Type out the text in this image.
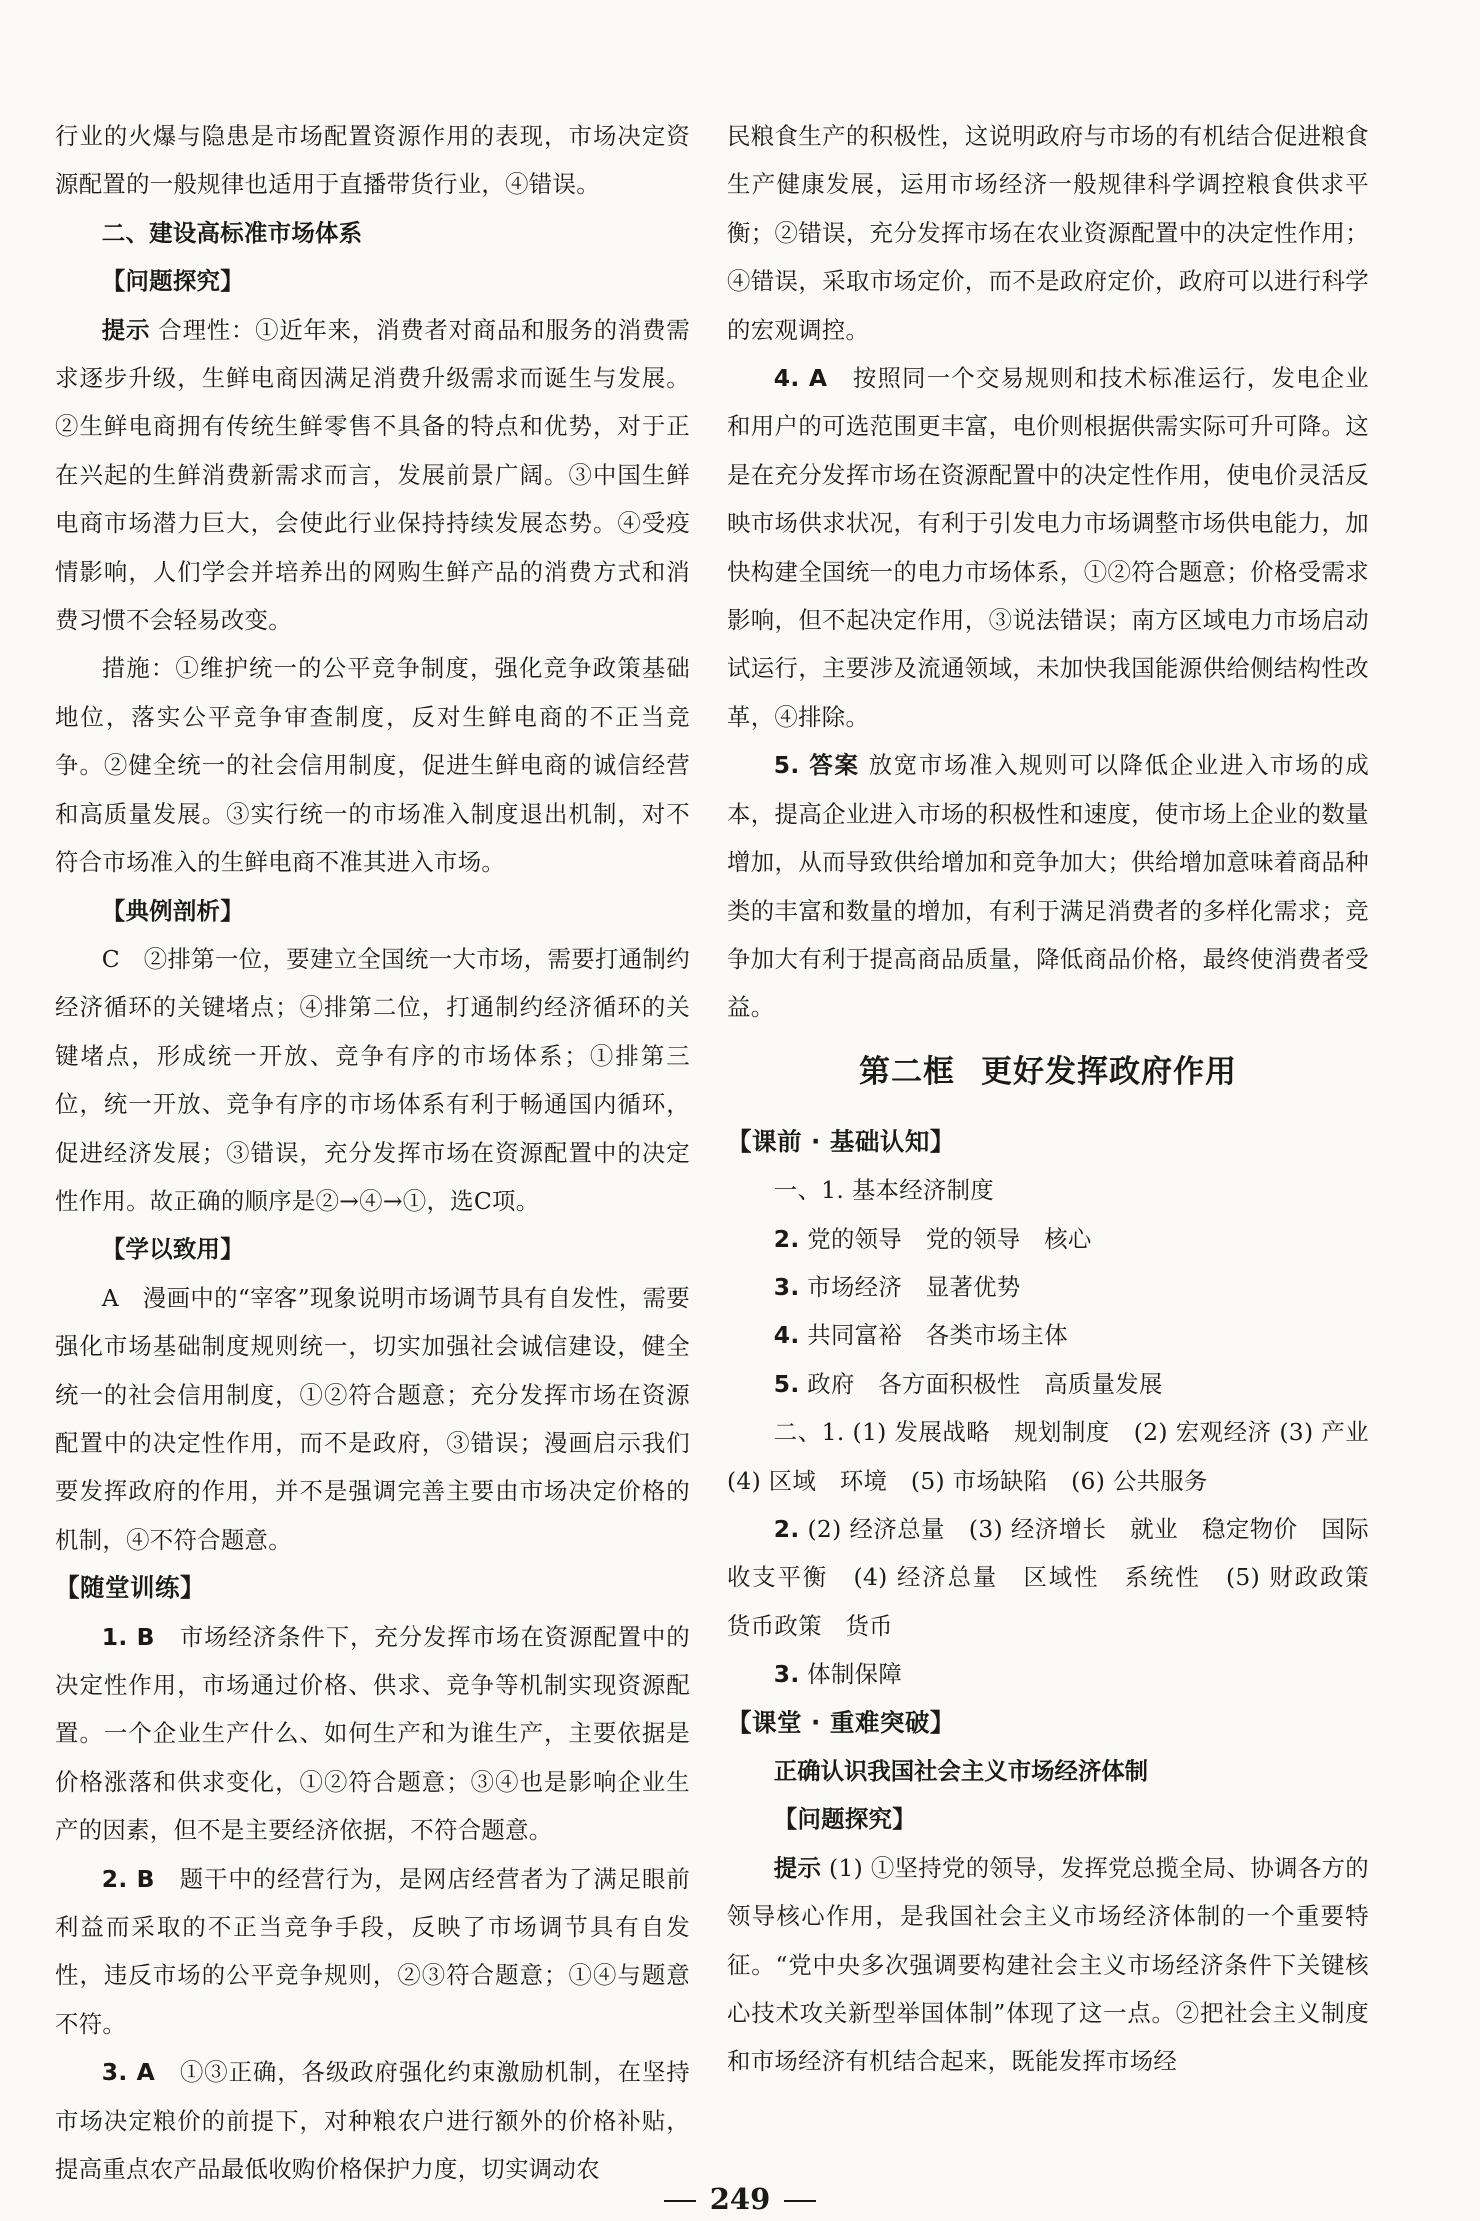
行业的火爆与隐患是市场配置资源作用的表现，市场决定资源配置的一般规律也适用于直播带货行业，④错误。

二、建设高标准市场体系

【问题探究】

提示 合理性：①近年来，消费者对商品和服务的消费需求逐步升级，生鲜电商因满足消费升级需求而诞生与发展。②生鲜电商拥有传统生鲜零售不具备的特点和优势，对于正在兴起的生鲜消费新需求而言，发展前景广阔。③中国生鲜电商市场潜力巨大，会使此行业保持持续发展态势。④受疫情影响，人们学会并培养出的网购生鲜产品的消费方式和消费习惯不会轻易改变。

措施：①维护统一的公平竞争制度，强化竞争政策基础地位，落实公平竞争审查制度，反对生鲜电商的不正当竞争。②健全统一的社会信用制度，促进生鲜电商的诚信经营和高质量发展。③实行统一的市场准入制度退出机制，对不符合市场准入的生鲜电商不准其进入市场。

【典例剖析】

C　②排第一位，要建立全国统一大市场，需要打通制约经济循环的关键堵点；④排第二位，打通制约经济循环的关键堵点，形成统一开放、竞争有序的市场体系；①排第三位，统一开放、竞争有序的市场体系有利于畅通国内循环，促进经济发展；③错误，充分发挥市场在资源配置中的决定性作用。故正确的顺序是②→④→①，选C项。

【学以致用】

A　漫画中的“宰客”现象说明市场调节具有自发性，需要强化市场基础制度规则统一，切实加强社会诚信建设，健全统一的社会信用制度，①②符合题意；充分发挥市场在资源配置中的决定性作用，而不是政府，③错误；漫画启示我们要发挥政府的作用，并不是强调完善主要由市场决定价格的机制，④不符合题意。

【随堂训练】

1. B　市场经济条件下，充分发挥市场在资源配置中的决定性作用，市场通过价格、供求、竞争等机制实现资源配置。一个企业生产什么、如何生产和为谁生产，主要依据是价格涨落和供求变化，①②符合题意；③④也是影响企业生产的因素，但不是主要经济依据，不符合题意。

2. B　题干中的经营行为，是网店经营者为了满足眼前利益而采取的不正当竞争手段，反映了市场调节具有自发性，违反市场的公平竞争规则，②③符合题意；①④与题意不符。

3. A　①③正确，各级政府强化约束激励机制，在坚持市场决定粮价的前提下，对种粮农户进行额外的价格补贴，提高重点农产品最低收购价格保护力度，切实调动农

民粮食生产的积极性，这说明政府与市场的有机结合促进粮食生产健康发展，运用市场经济一般规律科学调控粮食供求平衡；②错误，充分发挥市场在农业资源配置中的决定性作用；④错误，采取市场定价，而不是政府定价，政府可以进行科学的宏观调控。

4. A　按照同一个交易规则和技术标准运行，发电企业和用户的可选范围更丰富，电价则根据供需实际可升可降。这是在充分发挥市场在资源配置中的决定性作用，使电价灵活反映市场供求状况，有利于引发电力市场调整市场供电能力，加快构建全国统一的电力市场体系，①②符合题意；价格受需求影响，但不起决定作用，③说法错误；南方区域电力市场启动试运行，主要涉及流通领域，未加快我国能源供给侧结构性改革，④排除。

5. 答案 放宽市场准入规则可以降低企业进入市场的成本，提高企业进入市场的积极性和速度，使市场上企业的数量增加，从而导致供给增加和竞争加大；供给增加意味着商品种类的丰富和数量的增加，有利于满足消费者的多样化需求；竞争加大有利于提高商品质量，降低商品价格，最终使消费者受益。

第二框 更好发挥政府作用

【课前 · 基础认知】

一、1. 基本经济制度

2. 党的领导　党的领导　核心

3. 市场经济　显著优势

4. 共同富裕　各类市场主体

5. 政府　各方面积极性　高质量发展

二、1. (1) 发展战略　规划制度　(2) 宏观经济 (3) 产业　(4) 区域　环境　(5) 市场缺陷　(6) 公共服务

2. (2) 经济总量　(3) 经济增长　就业　稳定物价　国际收支平衡　(4) 经济总量　区域性　系统性　(5) 财政政策　货币政策　货币

3. 体制保障

【课堂 · 重难突破】

正确认识我国社会主义市场经济体制

【问题探究】

提示 (1) ①坚持党的领导，发挥党总揽全局、协调各方的领导核心作用，是我国社会主义市场经济体制的一个重要特征。“党中央多次强调要构建社会主义市场经济条件下关键核心技术攻关新型举国体制”体现了这一点。②把社会主义制度和市场经济有机结合起来，既能发挥市场经

249
